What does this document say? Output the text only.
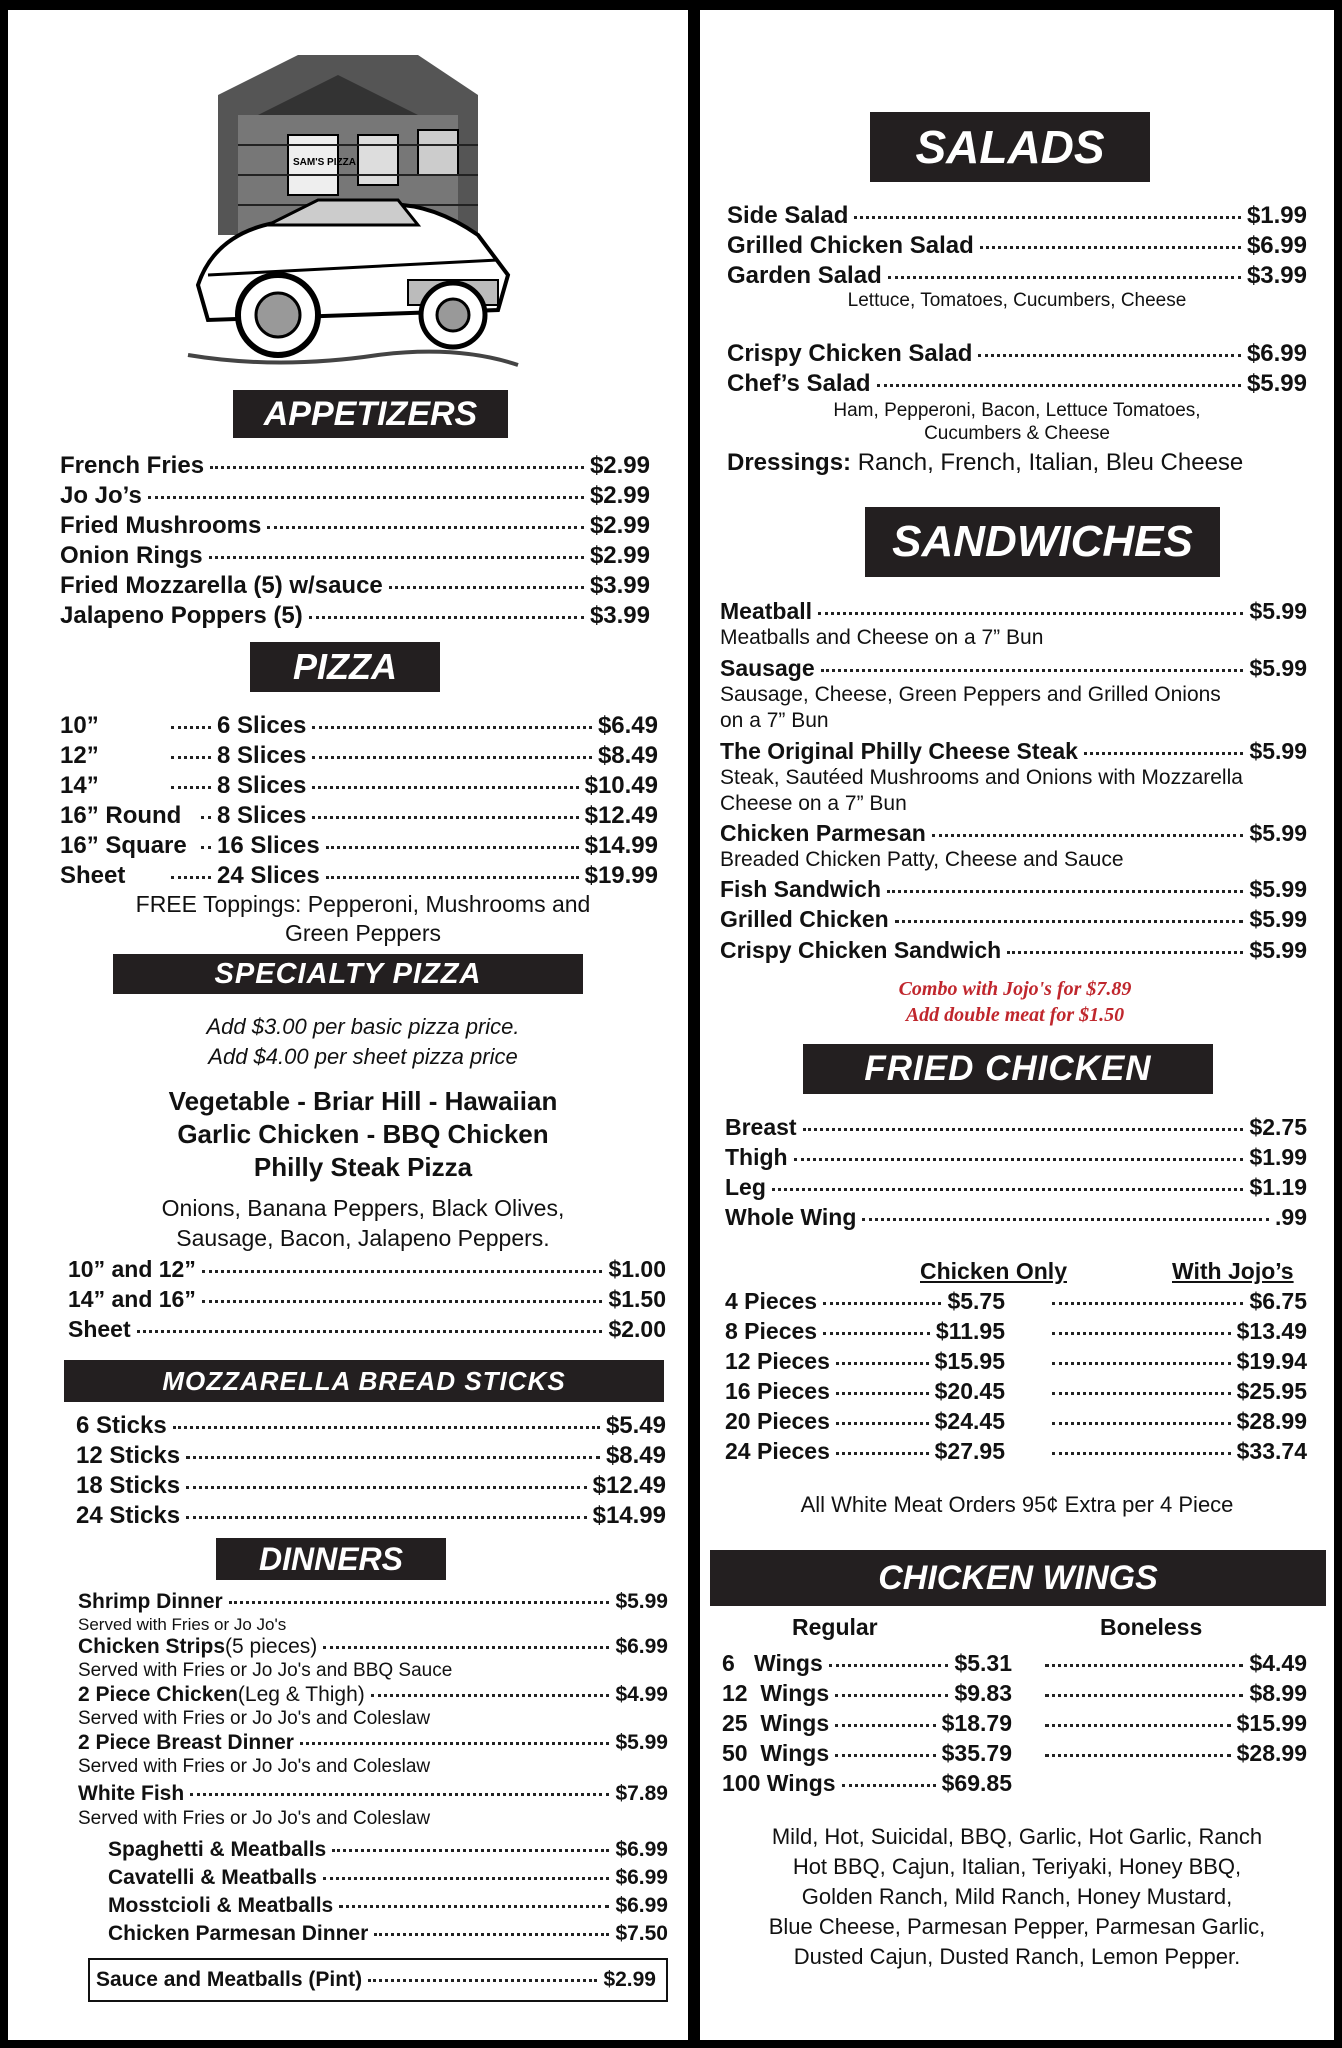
SAM'S PIZZA
APPETIZERS
French Fries	$2.99
Jo Jo’s	$2.99
Fried Mushrooms	$2.99
Onion Rings	$2.99
Fried Mozzarella (5) w/sauce	$3.99
Jalapeno Poppers (5)	$3.99
PIZZA
10”	6 Slices	$6.49
12”	8 Slices	$8.49
14”	8 Slices	$10.49
16” Round	8 Slices	$12.49
16” Square	16 Slices	$14.99
Sheet	24 Slices	$19.99
FREE Toppings: Pepperoni, Mushrooms and
Green Peppers
SPECIALTY PIZZA
Add $3.00 per basic pizza price.
Add $4.00 per sheet pizza price
Vegetable - Briar Hill - Hawaiian
Garlic Chicken - BBQ Chicken
Philly Steak Pizza
Onions, Banana Peppers, Black Olives,
Sausage, Bacon, Jalapeno Peppers.
10” and 12”	$1.00
14” and 16”	$1.50
Sheet	$2.00
MOZZARELLA BREAD STICKS
6 Sticks	$5.49
12 Sticks	$8.49
18 Sticks	$12.49
24 Sticks	$14.99
DINNERS
Shrimp Dinner	$5.99
Served with Fries or Jo Jo's
Chicken Strips (5 pieces)	$6.99
Served with Fries or Jo Jo's and BBQ Sauce
2 Piece Chicken (Leg & Thigh)	$4.99
Served with Fries or Jo Jo's and Coleslaw
2 Piece Breast Dinner	$5.99
Served with Fries or Jo Jo's and Coleslaw
White Fish	$7.89
Served with Fries or Jo Jo's and Coleslaw
Spaghetti & Meatballs	$6.99
Cavatelli & Meatballs	$6.99
Mosstcioli & Meatballs	$6.99
Chicken Parmesan Dinner	$7.50
Sauce and Meatballs (Pint)	$2.99
SALADS
Side Salad	$1.99
Grilled Chicken Salad	$6.99
Garden Salad	$3.99
Lettuce, Tomatoes, Cucumbers, Cheese
Crispy Chicken Salad	$6.99
Chef’s Salad	$5.99
Ham, Pepperoni, Bacon, Lettuce Tomatoes,
Cucumbers & Cheese
Dressings: Ranch, French, Italian, Bleu Cheese
SANDWICHES
Meatball	$5.99
Meatballs and Cheese on a 7” Bun
Sausage	$5.99
Sausage, Cheese, Green Peppers and Grilled Onions
on a 7” Bun
The Original Philly Cheese Steak	$5.99
Steak, Sautéed Mushrooms and Onions with Mozzarella
Cheese on a 7” Bun
Chicken Parmesan	$5.99
Breaded Chicken Patty, Cheese and Sauce
Fish Sandwich	$5.99
Grilled Chicken	$5.99
Crispy Chicken Sandwich	$5.99
Combo with Jojo's for $7.89
Add double meat for $1.50
FRIED CHICKEN
Breast	$2.75
Thigh	$1.99
Leg	$1.19
Whole Wing	.99
Chicken Only	With Jojo’s
4 Pieces	$5.75	$6.75
8 Pieces	$11.95	$13.49
12 Pieces	$15.95	$19.94
16 Pieces	$20.45	$25.95
20 Pieces	$24.45	$28.99
24 Pieces	$27.95	$33.74
All White Meat Orders 95¢ Extra per 4 Piece
CHICKEN WINGS
Regular	Boneless
6   Wings	$5.31	$4.49
12  Wings	$9.83	$8.99
25  Wings	$18.79	$15.99
50  Wings	$35.79	$28.99
100 Wings	$69.85
Mild, Hot, Suicidal, BBQ, Garlic, Hot Garlic, Ranch
Hot BBQ, Cajun, Italian, Teriyaki, Honey BBQ,
Golden Ranch, Mild Ranch, Honey Mustard,
Blue Cheese, Parmesan Pepper, Parmesan Garlic,
Dusted Cajun, Dusted Ranch, Lemon Pepper.
